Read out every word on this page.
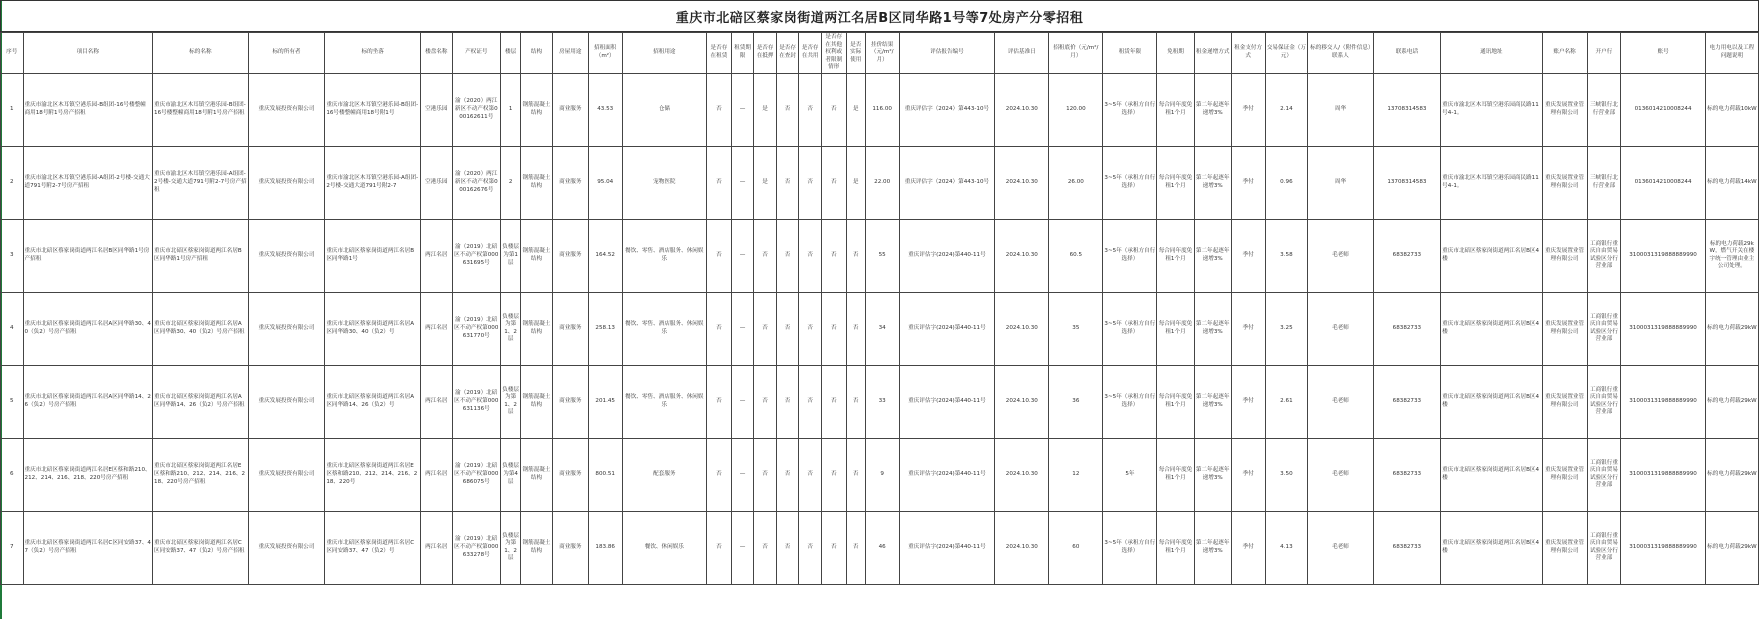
重庆市北碚区蔡家岗街道两江名居B区同华路1号等7处房产分零招租
序号	项目名称	标的名称	标的所有者	标的坐落	楼盘名称	产权证号	楼层	结构	房屋用途	招租面积（m²）	招租用途	是否存在租赁	租赁期限	是否存在抵押	是否存在查封	是否存在共用	是否存在其他权利或者限制情形	是否实际使用	挂价结果（元/m²/月）	评估报告编号	评估基准日	招租底价（元/m²/月）	租赁年限	免租期	租金递增方式	租金支付方式	交易保证金（万元）	标的移交人/（附件信息）联系人	联系电话	通讯地址	账户名称	开户行	账号	电力用电以及工程问题说明
1	重庆市渝北区木耳镇空港乐园-B组团-16号楼整幢商用18号附1号房产招租	重庆市渝北区木耳镇空港乐园-B组团-16号楼整幢商用18号附1号房产招租	重庆发展投资有限公司	重庆市渝北区木耳镇空港乐园-B组团-16号楼整幢商用18号附1号	空港乐园	渝（2020）两江新区不动产权第000162611号	1	钢筋混凝土结构	商业服务	43.53	仓储	否	—	是	否	否	否	是	116.00	重庆评估字（2024）第443-10号	2024.10.30	120.00	3~5年（承租方自行选择）	每合同年度免租1个月	第二年起逐年递增3%	季付	2.14	周华	13708314583	重庆市渝北区木耳镇空港乐园商民路11号4-1。	重庆发展置业管理有限公司	三峡银行北行营业部	0136014210008244	标的电力荷载10kW
2	重庆市渝北区木耳镇空港乐园-A组团-2号楼-交通大道791号附2-7号房产招租	重庆市渝北区木耳镇空港乐园-A组团-2号楼-交通大道791号附2-7号房产招租	重庆发展投资有限公司	重庆市渝北区木耳镇空港乐园-A组团-2号楼-交通大道791号附2-7	空港乐园	渝（2020）两江新区不动产权第000162676号	2	钢筋混凝土结构	商业服务	95.04	宠物医院	否	—	是	否	否	否	是	22.00	重庆评估字（2024）第443-10号	2024.10.30	26.00	3~5年（承租方自行选择）	每合同年度免租1个月	第二年起逐年递增3%	季付	0.96	周华	13708314583	重庆市渝北区木耳镇空港乐园商民路11号4-1。	重庆发展置业管理有限公司	三峡银行北行营业部	0136014210008244	标的电力荷载14kW
3	重庆市北碚区蔡家岗街道两江名居B区同华路1号房产招租	重庆市北碚区蔡家岗街道两江名居B区同华路1号房产招租	重庆发展投资有限公司	重庆市北碚区蔡家岗街道两江名居B区同华路1号	两江名居	渝（2019）北碚区不动产权第000631695号	负楼层为第1层	钢筋混凝土结构	商业服务	164.52	餐饮、零售、酒店服务、休闲娱乐	否	—	否	否	否	否	否	55	重庆评估字(2024)第440-11号	2024.10.30	60.5	3~5年（承租方自行选择）	每合同年度免租1个月	第二年起逐年递增3%	季付	3.58	毛老师	68382733	重庆市北碚区蔡家岗街道两江名居B区4楼	重庆发展置业管理有限公司	工商银行重庆自由贸易试验区分行营业部	3100031319888889990	标的电力荷载29kW，燃气开关在楼宇统一管理由业主公司处理。
4	重庆市北碚区蔡家岗街道两江名居A区同华路30、40（负2）号房产招租	重庆市北碚区蔡家岗街道两江名居A区同华路30、40（负2）号房产招租	重庆发展投资有限公司	重庆市北碚区蔡家岗街道两江名居A区同华路30、40（负2）号	两江名居	渝（2019）北碚区不动产权第000631770号	负楼层为第1、2层	钢筋混凝土结构	商业服务	258.13	餐饮、零售、酒店服务、休闲娱乐	否	—	否	否	否	否	否	34	重庆评估字(2024)第440-11号	2024.10.30	35	3~5年（承租方自行选择）	每合同年度免租1个月	第二年起逐年递增3%	季付	3.25	毛老师	68382733	重庆市北碚区蔡家岗街道两江名居B区4楼	重庆发展置业管理有限公司	工商银行重庆自由贸易试验区分行营业部	3100031319888889990	标的电力荷载29kW
5	重庆市北碚区蔡家岗街道两江名居A区同华路14、26（负2）号房产招租	重庆市北碚区蔡家岗街道两江名居A区同华路14、26（负2）号房产招租	重庆发展投资有限公司	重庆市北碚区蔡家岗街道两江名居A区同华路14、26（负2）号	两江名居	渝（2019）北碚区不动产权第000631136号	负楼层为第1、2层	钢筋混凝土结构	商业服务	201.45	餐饮、零售、酒店服务、休闲娱乐	否	—	否	否	否	否	否	33	重庆评估字(2024)第440-11号	2024.10.30	36	3~5年（承租方自行选择）	每合同年度免租1个月	第二年起逐年递增3%	季付	2.61	毛老师	68382733	重庆市北碚区蔡家岗街道两江名居B区4楼	重庆发展置业管理有限公司	工商银行重庆自由贸易试验区分行营业部	3100031319888889990	标的电力荷载29kW
6	重庆市北碚区蔡家岗街道两江名居E区蔡和路210、212、214、216、218、220号房产招租	重庆市北碚区蔡家岗街道两江名居E区蔡和路210、212、214、216、218、220号房产招租	重庆发展投资有限公司	重庆市北碚区蔡家岗街道两江名居E区蔡和路210、212、214、216、218、220号	两江名居	渝（2019）北碚区不动产权第000686075号	负楼层为第4层	钢筋混凝土结构	商业服务	800.51	配套服务	否	—	否	否	否	否	否	9	重庆评估字(2024)第440-11号	2024.10.30	12	5年	每合同年度免租1个月	第二年起逐年递增3%	季付	3.50	毛老师	68382733	重庆市北碚区蔡家岗街道两江名居B区4楼	重庆发展置业管理有限公司	工商银行重庆自由贸易试验区分行营业部	3100031319888889990	标的电力荷载29kW
7	重庆市北碚区蔡家岗街道两江名居C区同安路37、47（负2）号房产招租	重庆市北碚区蔡家岗街道两江名居C区同安路37、47（负2）号房产招租	重庆发展投资有限公司	重庆市北碚区蔡家岗街道两江名居C区同安路37、47（负2）号	两江名居	渝（2019）北碚区不动产权第000633278号	负楼层为第1、2层	钢筋混凝土结构	商业服务	183.86	餐饮、休闲娱乐	否	—	否	否	否	否	否	46	重庆评估字(2024)第440-11号	2024.10.30	60	3~5年（承租方自行选择）	每合同年度免租1个月	第二年起逐年递增3%	季付	4.13	毛老师	68382733	重庆市北碚区蔡家岗街道两江名居B区4楼	重庆发展置业管理有限公司	工商银行重庆自由贸易试验区分行营业部	3100031319888889990	标的电力荷载29kW
